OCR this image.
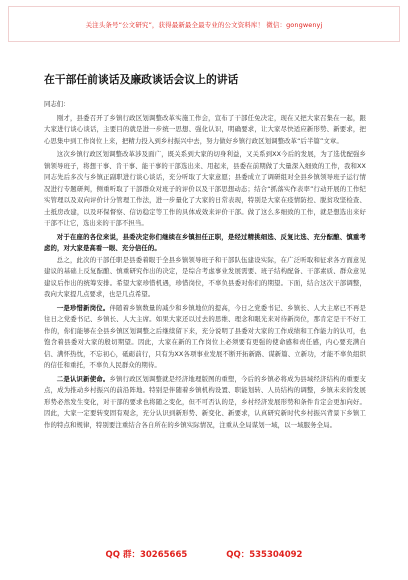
关注头条号“公文研究”，获得最新最全最专业的公文资料库！ 微信：gongwenyj
在干部任前谈话及廉政谈话会议上的讲话
同志们：

刚才，县委召开了乡镇行政区划调整改革实施工作会，宣布了干部任免决定，现在又把大家召集在一起，跟大家进行谈心谈话，主要目的就是进一步统一思想、强化认识，明确要求，让大家尽快适应新形势、新要求，把心思集中到工作岗位上来，把精力投入到乡村振兴中去，努力做好乡镇行政区划调整改革“后半篇”文章。

这次乡镇行政区划调整改革涉及面广，既关系到大家的切身利益，又关系到XX今后的发展，为了选优配强乡镇领导班子，将想干事、肯干事、能干事的干部选出来、用起来，县委在前期做了大量深入细致的工作，我和XX同志先后多次与乡镇正副职进行谈心谈话，充分听取了大家意愿；县委成立了调研组对全县乡镇领导班子运行情况进行专题研判，侧重听取了干部群众对班子的评价以及干部思想动态；结合“抓落实作表率”行动开展的工作纪实管理以及双向评价计分管理工作法，进一步量化了大家的日常表现，特别是大家在疫情防控、脱贫攻坚检查、土抵房改建，以及环保督察、信访稳定等工作的具体成效来评价干部。做了这么多细致的工作，就是想选出来好干部不让它，选出来的干部不担当。

对于在座的各位来说，县委决定你们继续在乡镇担任正职，是经过精挑细选、反复比选、充分酝酿、慎重考虑的，对大家是高看一眼、充分信任的。

总之，此次的干部任职是县委着眼于全县乡镇领导班子和干部队伍建设实际，在广泛听取和征求各方面意见建议的基础上反复酝酿、慎重研究作出的决定，是综合考虑事业发展需要、班子结构配备、干部素质、群众意见建议后作出的统筹安排。希望大家珍惜机遇，珍惜岗位，不辜负县委对你们的期望。下面，结合这次干部调整，我向大家提几点要求，也是几点希望。

一是珍惜新岗位。伴随着乡镇数量的减少和乡镇地位的提高，今日之党委书记、乡镇长、人大主席已不再是往日之党委书记、乡镇长、人大主席。如果大家还以过去的思维、理念和眼光来对待新岗位，那肯定是干不好工作的，你们能够在全县乡镇区划调整之后继续留下来，充分说明了县委对大家的工作成绩和工作能力的认可，也饱含着县委对大家的殷切期望。因此，大家在新的工作岗位上必须要有更强的使命感和责任感，内心要充满自信、满怀热忱，不忘初心，砥砺前行，只有为XX各项事业发展不断开拓新路、谋新篇、立新功，才能不辜负组织的信任和重托，不辜负人民群众的期待。

二是认识新使命。乡镇行政区划调整就是经济地理版图的重塑，今后的乡镇必将成为县域经济结构的重要支点，成为推动乡村振兴的前沿阵地。特别是伴随着乡镇机构设置、职能划转、人员结构的调整，乡镇未来的发展形势必然发生变化，对干部的要求也将随之变化，但不可否认的是，乡村经济发展形势和条件肯定会更加向好。因此，大家一定要转变固有观念，充分认识到新形势、新变化、新要求，认真研究新时代乡村振兴背景下乡镇工作的特点和规律，特别要注重结合各自所在的乡镇实际情况，注重从全局谋划一域，以一域服务全局。

QQ 群：30265665	QQ：535304092
